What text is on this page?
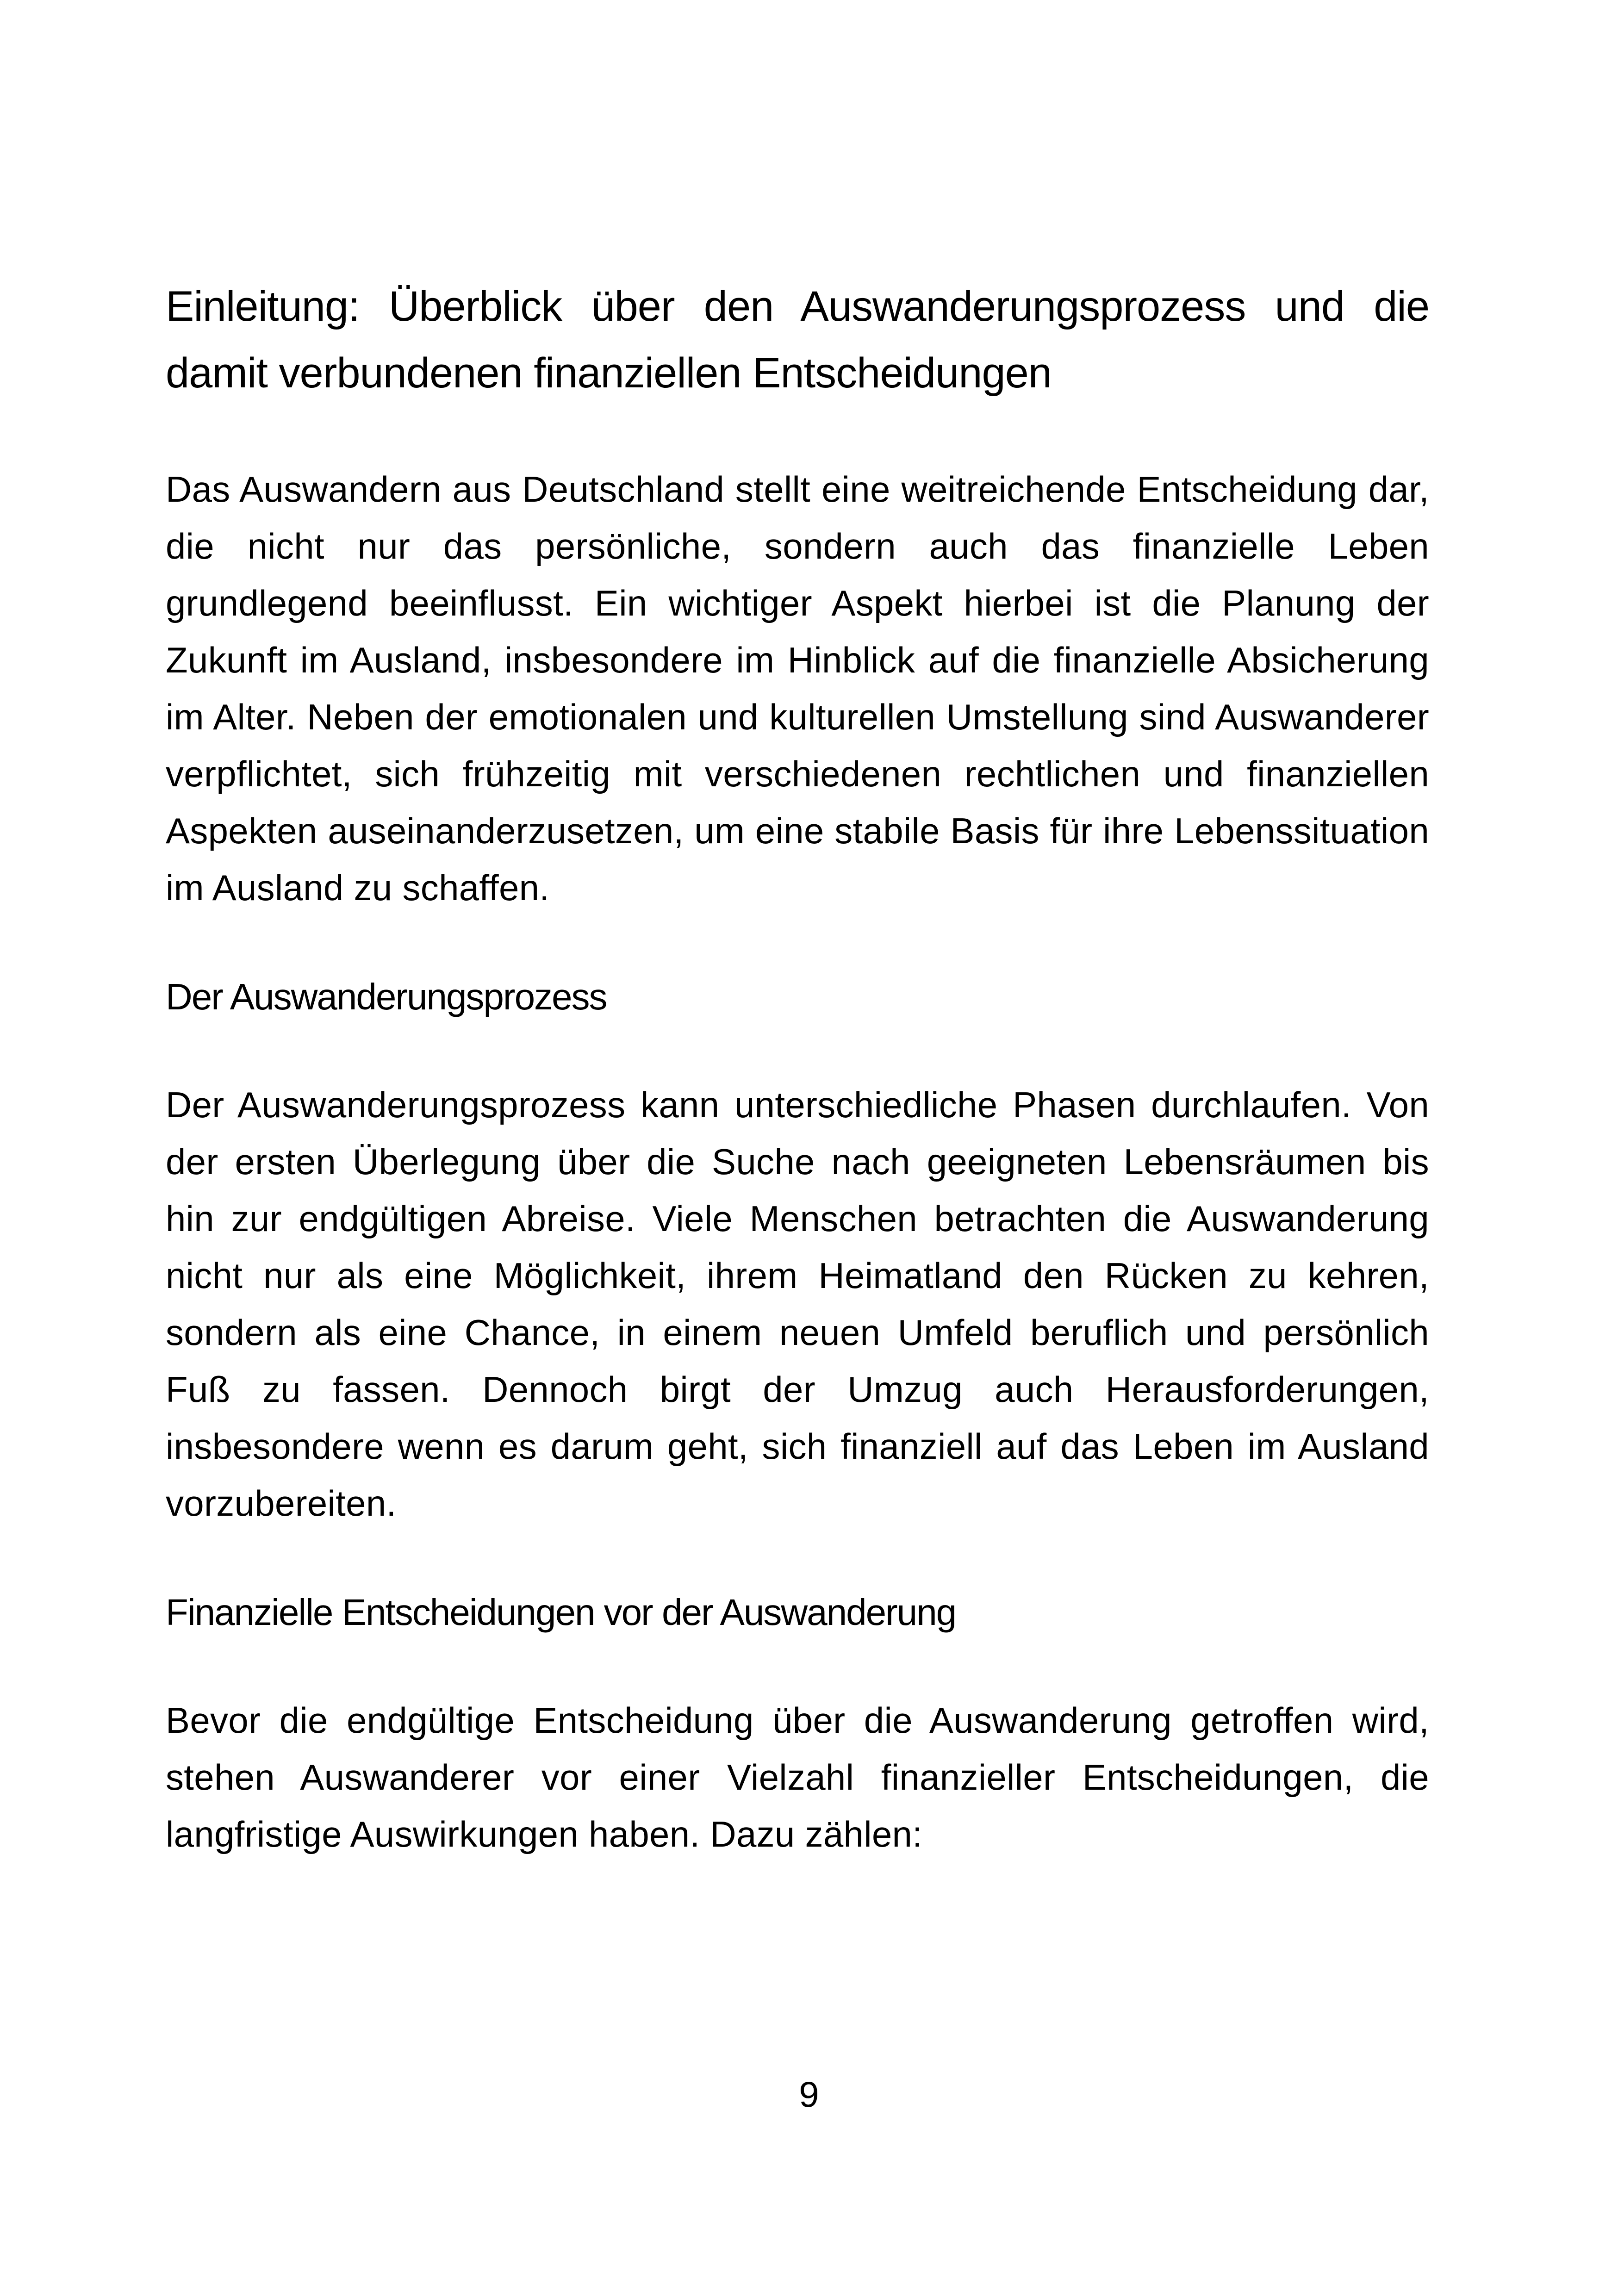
Einleitung: Überblick über den Auswanderungsprozess und die damit verbundenen finanziellen Entscheidungen

Das Auswandern aus Deutschland stellt eine weitreichende Entscheidung dar, die nicht nur das persönliche, sondern auch das finanzielle Leben grundlegend beeinflusst. Ein wichtiger Aspekt hierbei ist die Planung der Zukunft im Ausland, insbesondere im Hinblick auf die finanzielle Absicherung im Alter. Neben der emotionalen und kulturellen Umstellung sind Auswanderer verpflichtet, sich frühzeitig mit verschiedenen rechtlichen und finanziellen Aspekten auseinanderzusetzen, um eine stabile Basis für ihre Lebenssituation im Ausland zu schaffen.

Der Auswanderungsprozess

Der Auswanderungsprozess kann unterschiedliche Phasen durchlaufen. Von der ersten Überlegung über die Suche nach geeigneten Lebensräumen bis hin zur endgültigen Abreise. Viele Menschen betrachten die Auswanderung nicht nur als eine Möglichkeit, ihrem Heimatland den Rücken zu kehren, sondern als eine Chance, in einem neuen Umfeld beruflich und persönlich Fuß zu fassen. Dennoch birgt der Umzug auch Herausforderungen, insbesondere wenn es darum geht, sich finanziell auf das Leben im Ausland vorzubereiten.

Finanzielle Entscheidungen vor der Auswanderung

Bevor die endgültige Entscheidung über die Auswanderung getroffen wird, stehen Auswanderer vor einer Vielzahl finanzieller Entscheidungen, die langfristige Auswirkungen haben. Dazu zählen:

9
